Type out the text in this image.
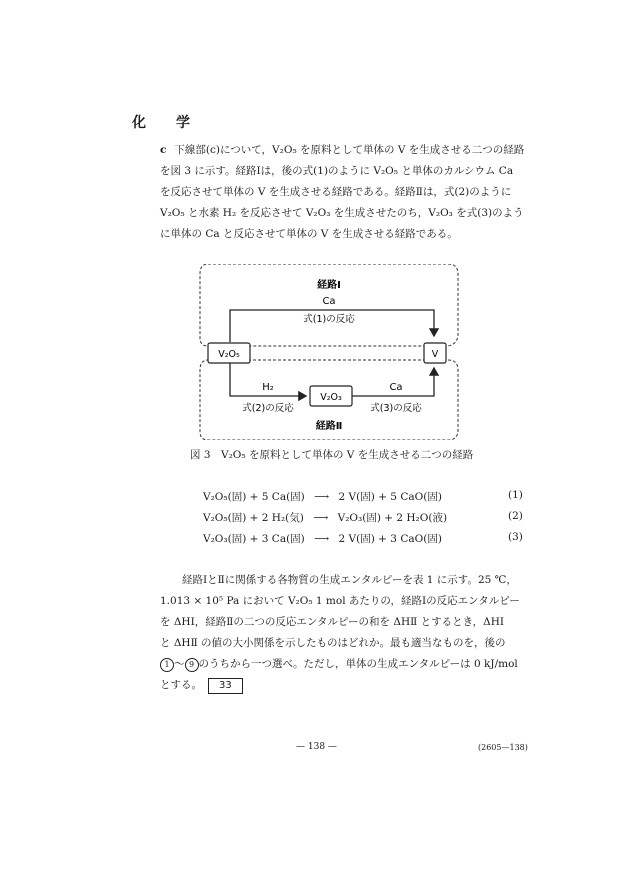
化　学
c 下線部(c)について，V₂O₅ を原料として単体の V を生成させる二つの経路
を図 3 に示す。経路Ⅰは，後の式(1)のように V₂O₅ と単体のカルシウム Ca
を反応させて単体の V を生成させる経路である。経路Ⅱは，式(2)のように
V₂O₅ と水素 H₂ を反応させて V₂O₃ を生成させたのち，V₂O₃ を式(3)のよう
に単体の Ca と反応させて単体の V を生成させる経路である。
経路Ⅰ
Ca
式(1)の反応
V₂O₅	V
V₂O₃
H₂
式(2)の反応
Ca
式(3)の反応
経路Ⅱ
図 3　V₂O₅ を原料として単体の V を生成させる二つの経路
V₂O₅(固) + 5 Ca(固) ⟶ 2 V(固) + 5 CaO(固)	(1)
V₂O₅(固) + 2 H₂(気) ⟶ V₂O₃(固) + 2 H₂O(液)	(2)
V₂O₃(固) + 3 Ca(固) ⟶ 2 V(固) + 3 CaO(固)	(3)
経路ⅠとⅡに関係する各物質の生成エンタルピーを表 1 に示す。25 ℃，
1.013 × 10⁵ Pa において V₂O₅ 1 mol あたりの，経路Ⅰの反応エンタルピー
を ΔHⅠ，経路Ⅱの二つの反応エンタルピーの和を ΔHⅡ とするとき，ΔHⅠ
と ΔHⅡ の値の大小関係を示したものはどれか。最も適当なものを，後の
1 ～ 9 のうちから一つ選べ。ただし，単体の生成エンタルピーは 0 kJ/mol
とする。 33
— 138 —	(2605—138)
